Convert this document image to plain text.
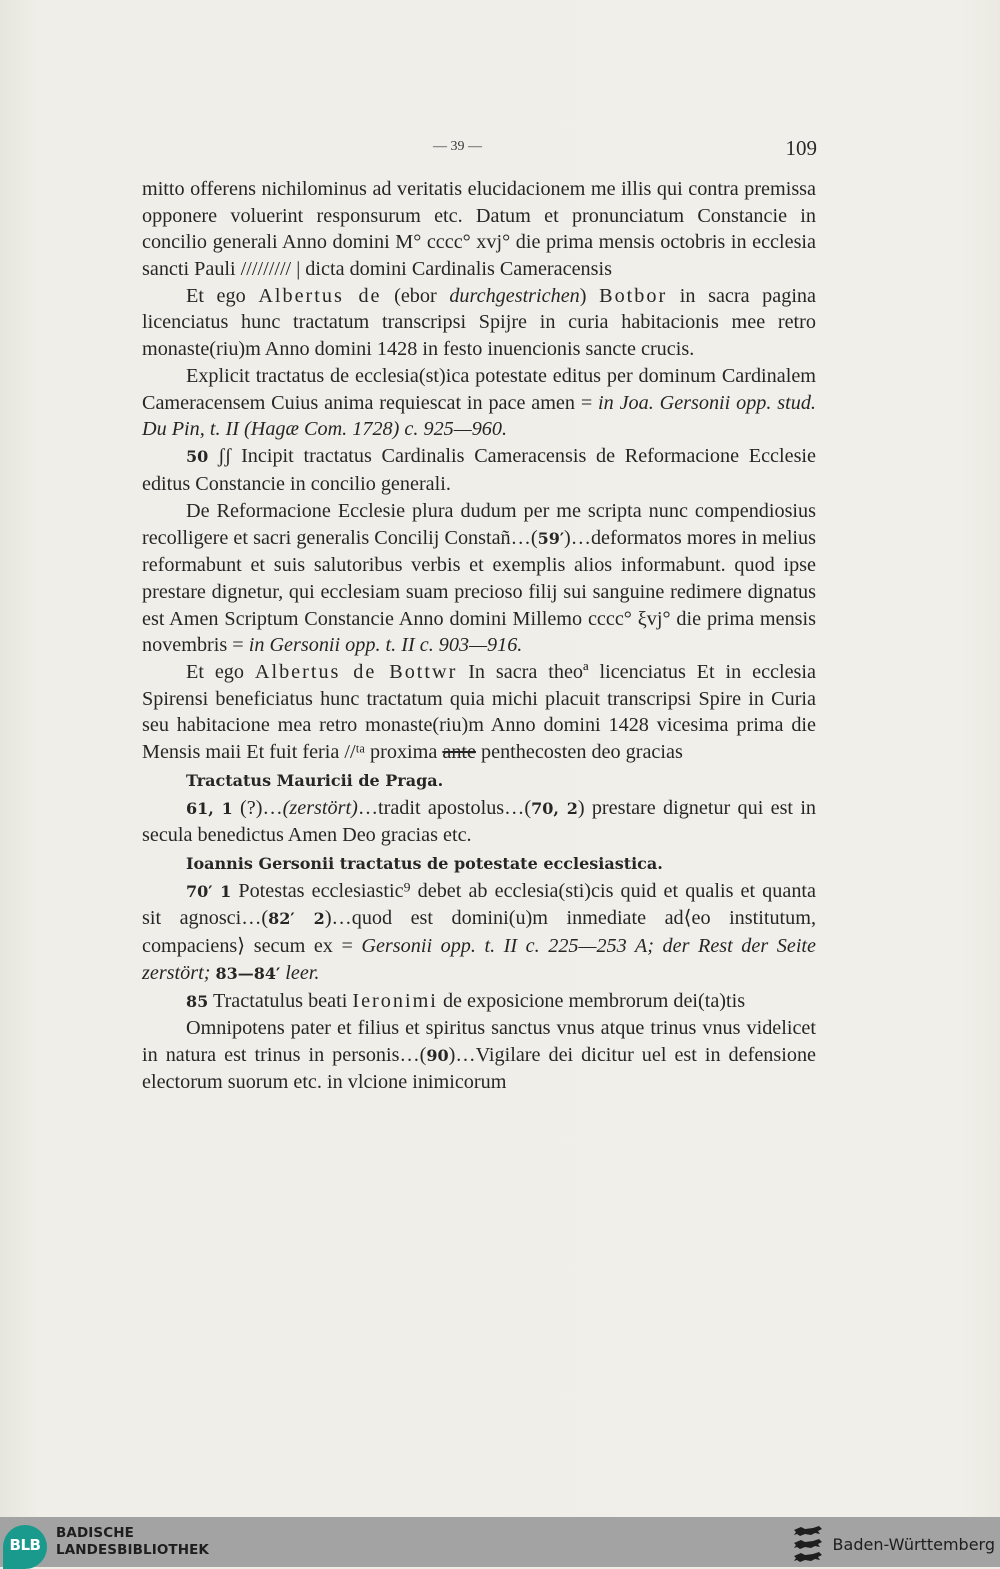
— 39 —	109

mitto offerens nichilominus ad veritatis elucidacionem me illis qui contra premissa opponere voluerint responsurum etc. Datum et pronunciatum Constancie in concilio generali Anno domini M° cccc° xvj° die prima mensis octobris in ecclesia sancti Pauli ///////// | dicta domini Cardinalis Cameracensis

Et ego Albertus de (ebor durchgestrichen) Botbor in sacra pagina licenciatus hunc tractatum transcripsi Spijre in curia habitacionis mee retro monaste(riu)m Anno domini 1428 in festo inuencionis sancte crucis.

Explicit tractatus de ecclesia(st)ica potestate editus per dominum Cardinalem Cameracensem Cuius anima requiescat in pace amen = in Joa. Gersonii opp. stud. Du Pin, t. II (Hagæ Com. 1728) c. 925—960.

50 ʃʃ Incipit tractatus Cardinalis Cameracensis de Reformacione Ecclesie editus Constancie in concilio generali.

De Reformacione Ecclesie plura dudum per me scripta nunc compendiosius recolligere et sacri generalis Concilij Constañ…(59′)…deformatos mores in melius reformabunt et suis salutoribus verbis et exemplis alios informabunt. quod ipse prestare dignetur, qui ecclesiam suam precioso filij sui sanguine redimere dignatus est Amen Scriptum Constancie Anno domini Millemo cccc° ξvj° die prima mensis novembris = in Gersonii opp. t. II c. 903—916.

Et ego Albertus de Bottwr In sacra theoª licenciatus Et in ecclesia Spirensi beneficiatus hunc tractatum quia michi placuit transcripsi Spire in Curia seu habitacione mea retro monaste(riu)m Anno domini 1428 vicesima prima die Mensis maii Et fuit feria //ᵗᵃ proxima ante penthecosten deo gracias

Tractatus Mauricii de Praga.

61, 1 (?)…(zerstört)…tradit apostolus…(70, 2) prestare dignetur qui est in secula benedictus Amen Deo gracias etc.

Ioannis Gersonii tractatus de potestate ecclesiastica.

70′ 1 Potestas ecclesiastic⁹ debet ab ecclesia(sti)cis quid et qualis et quanta sit agnosci…(82′ 2)…quod est domini(u)m inmediate ad⟨eo institutum, compaciens⟩ secum ex = Gersonii opp. t. II c. 225—253 A; der Rest der Seite zerstört; 83—84′ leer.

85 Tractatulus beati Ieronimi de exposicione membrorum dei(ta)tis

Omnipotens pater et filius et spiritus sanctus vnus atque trinus vnus videlicet in natura est trinus in personis…(90)…Vigilare dei dicitur uel est in defensione electorum suorum etc. in vlcione inimicorum

BLB
BADISCHE
LANDESBIBLIOTHEK	Baden-Württemberg
